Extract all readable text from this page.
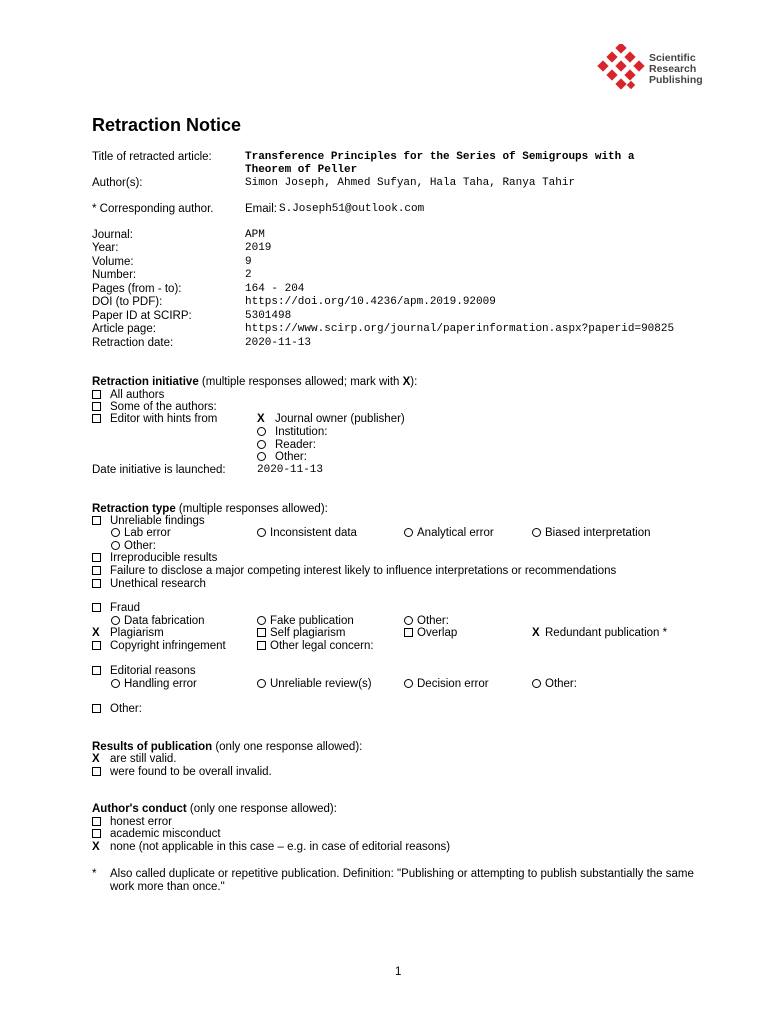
Scientific
Research
Publishing
Retraction Notice
Title of retracted article:	Transference Principles for the Series of Semigroups with a
Theorem of Peller
Author(s):	Simon Joseph, Ahmed Sufyan, Hala Taha, Ranya Tahir
* Corresponding author.	Email: S.Joseph51@outlook.com
Journal:	APM
Year:	2019
Volume:	9
Number:	2
Pages (from - to):	164 - 204
DOI (to PDF):	https://doi.org/10.4236/apm.2019.92009
Paper ID at SCIRP:	5301498
Article page:	https://www.scirp.org/journal/paperinformation.aspx?paperid=90825
Retraction date:	2020-11-13
Retraction initiative (multiple responses allowed; mark with X):
All authors
Some of the authors:
Editor with hints from	X Journal owner (publisher)
Institution:
Reader:
Other:
Date initiative is launched:	2020-11-13
Retraction type (multiple responses allowed):
Unreliable findings
Lab error	Inconsistent data	Analytical error	Biased interpretation
Other:
Irreproducible results
Failure to disclose a major competing interest likely to influence interpretations or recommendations
Unethical research
Fraud
Data fabrication	Fake publication	Other:
X Plagiarism	Self plagiarism	Overlap	X Redundant publication *
Copyright infringement	Other legal concern:
Editorial reasons
Handling error	Unreliable review(s)	Decision error	Other:
Other:
Results of publication (only one response allowed):
X are still valid.
were found to be overall invalid.
Author's conduct (only one response allowed):
honest error
academic misconduct
X none (not applicable in this case – e.g. in case of editorial reasons)
* Also called duplicate or repetitive publication. Definition: "Publishing or attempting to publish substantially the same
work more than once."
1
